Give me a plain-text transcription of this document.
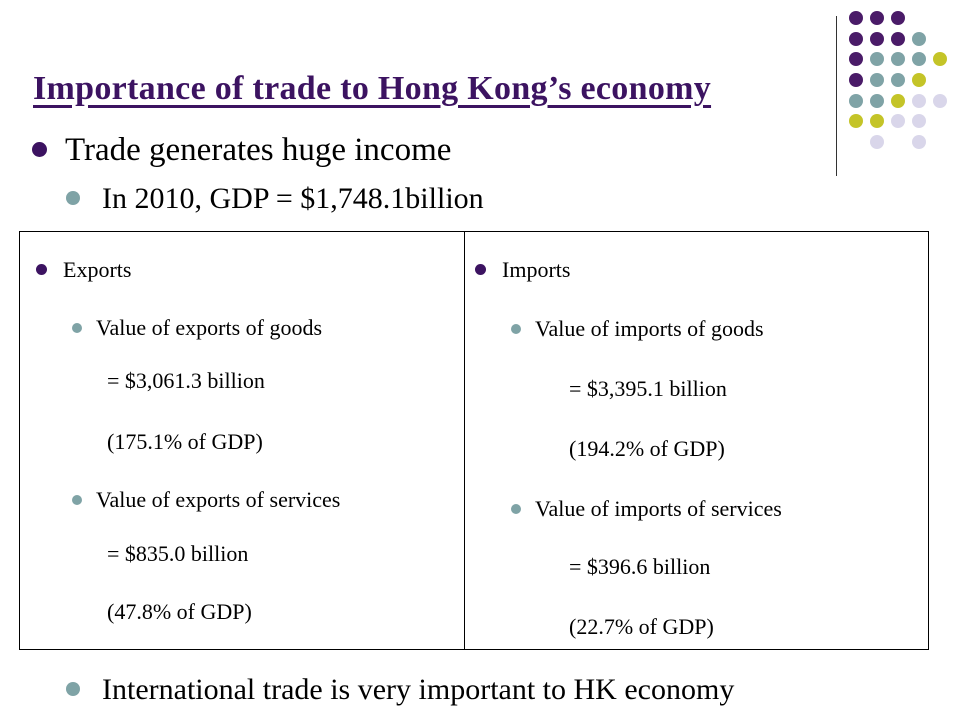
Importance of trade to Hong Kong’s economy
Trade generates huge income
In 2010, GDP = $1,748.1billion
Exports
Value of exports of goods
= $3,061.3 billion
(175.1% of GDP)
Value of exports of services
= $835.0 billion
(47.8% of GDP)
Imports
Value of imports of goods
= $3,395.1 billion
(194.2% of GDP)
Value of imports of services
= $396.6 billion
(22.7% of GDP)
International trade is very important to HK economy
